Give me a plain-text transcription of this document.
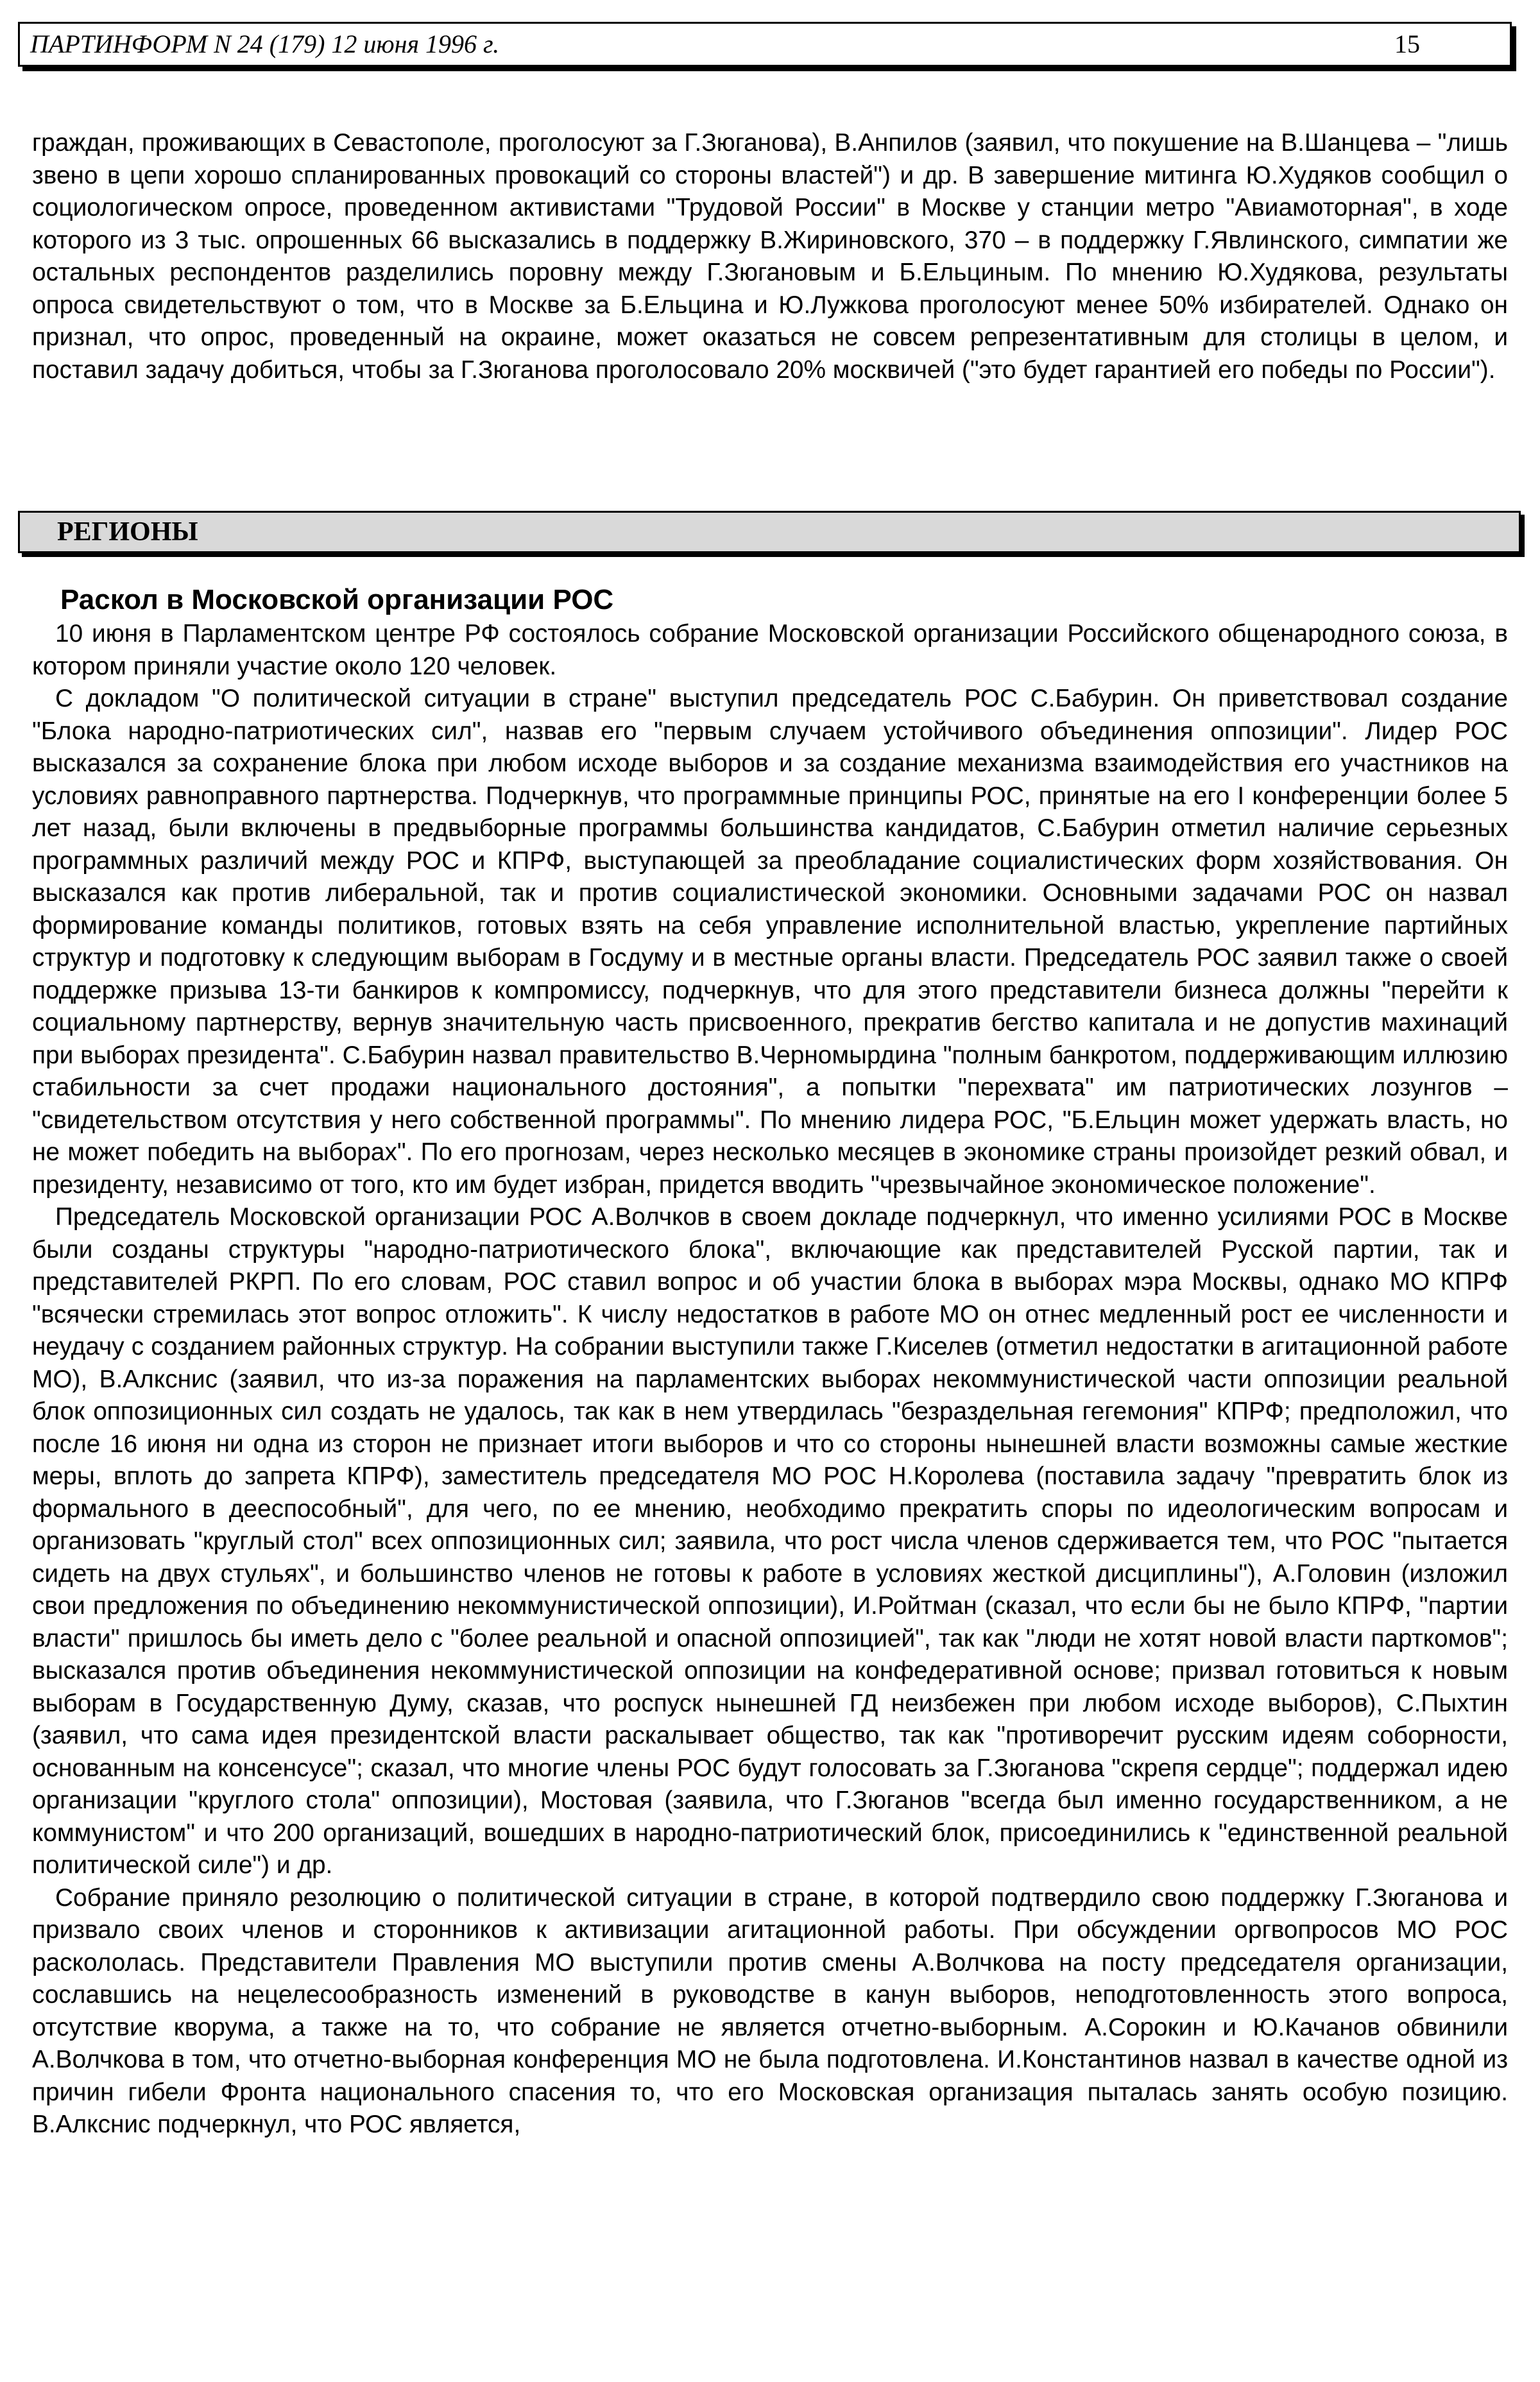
ПАРТИНФОРМ N 24 (179) 12 июня 1996 г.	15

граждан, проживающих в Севастополе, проголосуют за Г.Зюганова), В.Анпилов (заявил, что покушение на В.Шанцева – "лишь звено в цепи хорошо спланированных провокаций со стороны властей") и др. В завершение митинга Ю.Худяков сообщил о социологическом опросе, проведенном активистами "Трудовой России" в Москве у станции метро "Авиамоторная", в ходе которого из 3 тыс. опрошенных 66 высказались в поддержку В.Жириновского, 370 – в поддержку Г.Явлинского, симпатии же остальных респондентов разделились поровну между Г.Зюгановым и Б.Ельциным. По мнению Ю.Худякова, результаты опроса свидетельствуют о том, что в Москве за Б.Ельцина и Ю.Лужкова проголосуют менее 50% избирателей. Однако он признал, что опрос, проведенный на окраине, может оказаться не совсем репрезентативным для столицы в целом, и поставил задачу добиться, чтобы за Г.Зюганова проголосовало 20% москвичей ("это будет гарантией его победы по России").

РЕГИОНЫ
Раскол в Московской организации РОС

10 июня в Парламентском центре РФ состоялось собрание Московской организации Российского общенародного союза, в котором приняли участие около 120 человек.

С докладом "О политической ситуации в стране" выступил председатель РОС С.Бабурин. Он приветствовал создание "Блока народно-патриотических сил", назвав его "первым случаем устойчивого объединения оппозиции". Лидер РОС высказался за сохранение блока при любом исходе выборов и за создание механизма взаимодействия его участников на условиях равноправного партнерства. Подчеркнув, что программные принципы РОС, принятые на его I конференции более 5 лет назад, были включены в предвыборные программы большинства кандидатов, С.Бабурин отметил наличие серьезных программных различий между РОС и КПРФ, выступающей за преобладание социалистических форм хозяйствования. Он высказался как против либеральной, так и против социалистической экономики. Основными задачами РОС он назвал формирование команды политиков, готовых взять на себя управление исполнительной властью, укрепление партийных структур и подготовку к следующим выборам в Госдуму и в местные органы власти. Председатель РОС заявил также о своей поддержке призыва 13-ти банкиров к компромиссу, подчеркнув, что для этого представители бизнеса должны "перейти к социальному партнерству, вернув значительную часть присвоенного, прекратив бегство капитала и не допустив махинаций при выборах президента". С.Бабурин назвал правительство В.Черномырдина "полным банкротом, поддерживающим иллюзию стабильности за счет продажи национального достояния", а попытки "перехвата" им патриотических лозунгов – "свидетельством отсутствия у него собственной программы". По мнению лидера РОС, "Б.Ельцин может удержать власть, но не может победить на выборах". По его прогнозам, через несколько месяцев в экономике страны произойдет резкий обвал, и президенту, независимо от того, кто им будет избран, придется вводить "чрезвычайное экономическое положение".

Председатель Московской организации РОС А.Волчков в своем докладе подчеркнул, что именно усилиями РОС в Москве были созданы структуры "народно-патриотического блока", включающие как представителей Русской партии, так и представителей РКРП. По его словам, РОС ставил вопрос и об участии блока в выборах мэра Москвы, однако МО КПРФ "всячески стремилась этот вопрос отложить". К числу недостатков в работе МО он отнес медленный рост ее численности и неудачу с созданием районных структур. На собрании выступили также Г.Киселев (отметил недостатки в агитационной работе МО), В.Алкснис (заявил, что из-за поражения на парламентских выборах некоммунистической части оппозиции реальной блок оппозиционных сил создать не удалось, так как в нем утвердилась "безраздельная гегемония" КПРФ; предположил, что после 16 июня ни одна из сторон не признает итоги выборов и что со стороны нынешней власти возможны самые жесткие меры, вплоть до запрета КПРФ), заместитель председателя МО РОС Н.Королева (поставила задачу "превратить блок из формального в дееспособный", для чего, по ее мнению, необходимо прекратить споры по идеологическим вопросам и организовать "круглый стол" всех оппозиционных сил; заявила, что рост числа членов сдерживается тем, что РОС "пытается сидеть на двух стульях", и большинство членов не готовы к работе в условиях жесткой дисциплины"), А.Головин (изложил свои предложения по объединению некоммунистической оппозиции), И.Ройтман (сказал, что если бы не было КПРФ, "партии власти" пришлось бы иметь дело с "более реальной и опасной оппозицией", так как "люди не хотят новой власти парткомов"; высказался против объединения некоммунистической оппозиции на конфедеративной основе; призвал готовиться к новым выборам в Государственную Думу, сказав, что роспуск нынешней ГД неизбежен при любом исходе выборов), С.Пыхтин (заявил, что сама идея президентской власти раскалывает общество, так как "противоречит русским идеям соборности, основанным на консенсусе"; сказал, что многие члены РОС будут голосовать за Г.Зюганова "скрепя сердце"; поддержал идею организации "круглого стола" оппозиции), Мостовая (заявила, что Г.Зюганов "всегда был именно государственником, а не коммунистом" и что 200 организаций, вошедших в народно-патриотический блок, присоединились к "единственной реальной политической силе") и др.

Собрание приняло резолюцию о политической ситуации в стране, в которой подтвердило свою поддержку Г.Зюганова и призвало своих членов и сторонников к активизации агитационной работы. При обсуждении оргвопросов МО РОС раскололась. Представители Правления МО выступили против смены А.Волчкова на посту председателя организации, сославшись на нецелесообразность изменений в руководстве в канун выборов, неподготовленность этого вопроса, отсутствие кворума, а также на то, что собрание не является отчетно-выборным. А.Сорокин и Ю.Качанов обвинили А.Волчкова в том, что отчетно-выборная конференция МО не была подготовлена. И.Константинов назвал в качестве одной из причин гибели Фронта национального спасения то, что его Московская организация пыталась занять особую позицию. В.Алкснис подчеркнул, что РОС является,
